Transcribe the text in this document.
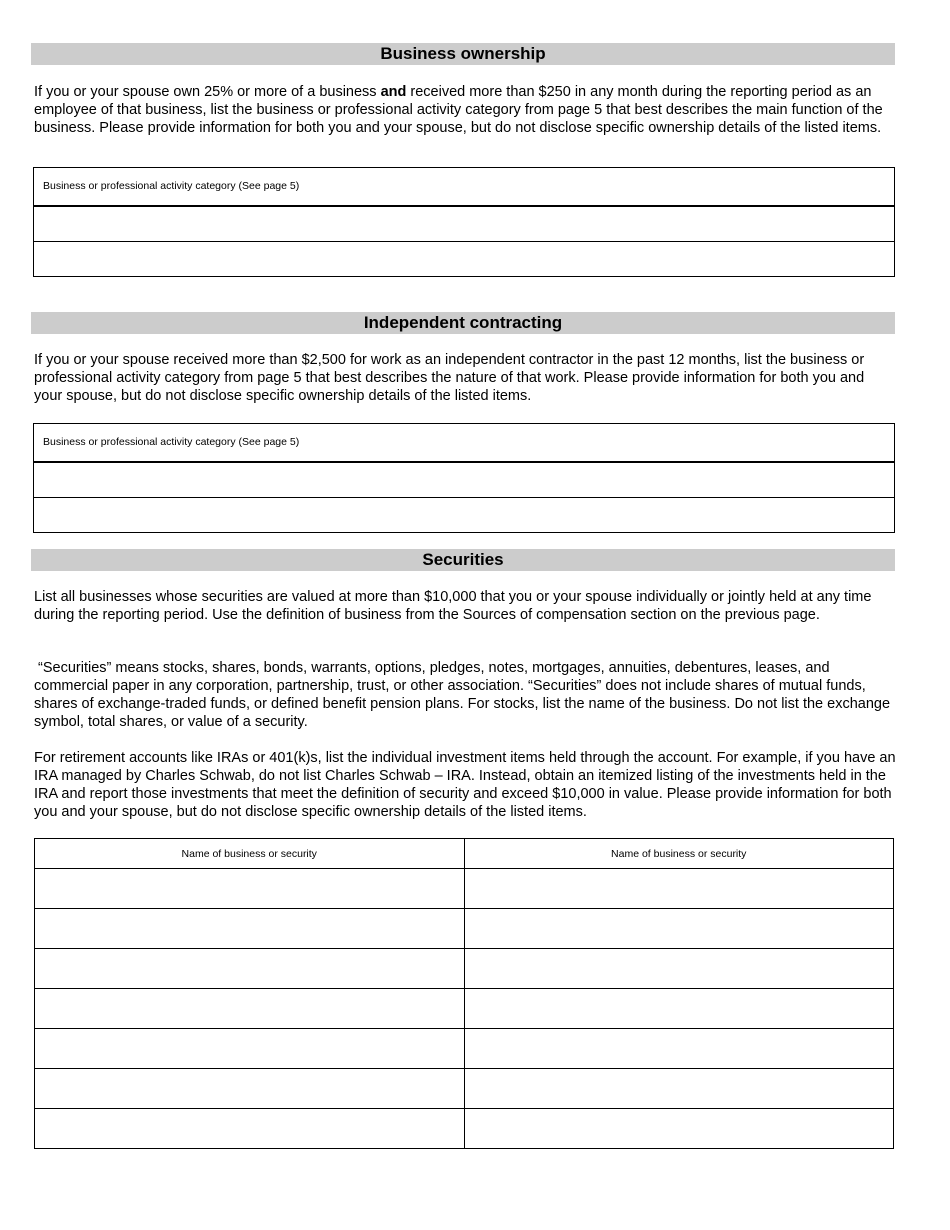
Business ownership

If you or your spouse own 25% or more of a business and received more than $250 in any month during the reporting period as an employee of that business, list the business or professional activity category from page 5 that best describes the main function of the business. Please provide information for both you and your spouse, but do not disclose specific ownership details of the listed items.

Business or professional activity category (See page 5)
Independent contracting

If you or your spouse received more than $2,500 for work as an independent contractor in the past 12 months, list the business or professional activity category from page 5 that best describes the nature of that work. Please provide information for both you and your spouse, but do not disclose specific ownership details of the listed items.

Business or professional activity category (See page 5)
Securities

List all businesses whose securities are valued at more than $10,000 that you or your spouse individually or jointly held at any time during the reporting period. Use the definition of business from the Sources of compensation section on the previous page.

“Securities” means stocks, shares, bonds, warrants, options, pledges, notes, mortgages, annuities, debentures, leases, and commercial paper in any corporation, partnership, trust, or other association. “Securities” does not include shares of mutual funds, shares of exchange-traded funds, or defined benefit pension plans. For stocks, list the name of the business. Do not list the exchange symbol, total shares, or value of a security.

For retirement accounts like IRAs or 401(k)s, list the individual investment items held through the account. For example, if you have an IRA managed by Charles Schwab, do not list Charles Schwab – IRA. Instead, obtain an itemized listing of the investments held in the IRA and report those investments that meet the definition of security and exceed $10,000 in value. Please provide information for both you and your spouse, but do not disclose specific ownership details of the listed items.

Name of business or security	Name of business or security
